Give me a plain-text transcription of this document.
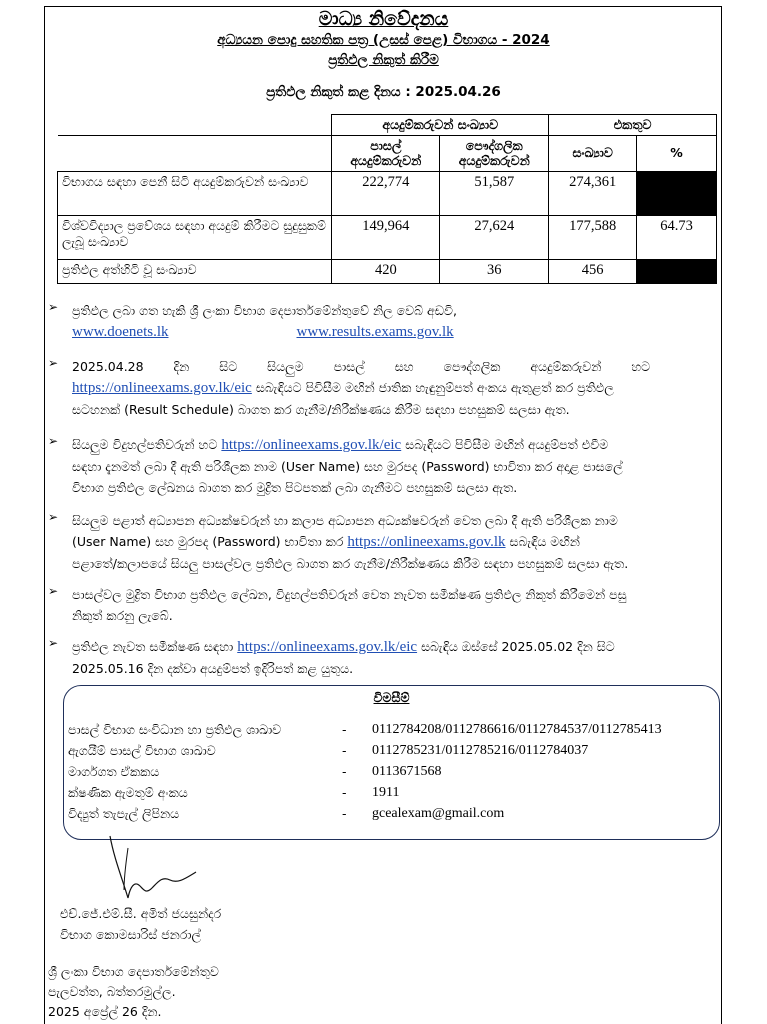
මාධ්‍ය නිවේදනය
අධ්‍යයන පොදු සහතික පත්‍ර (උසස් පෙළ) විභාගය - 2024
ප්‍රතිඵල නිකුත් කිරීම
ප්‍රතිඵල නිකුත් කළ දිනය : 2025.04.26
	අයදුම්කරුවන් සංඛ්‍යාව		එකතුව	
	පාසල් අයදුම්කරුවන්	පෞද්ගලික අයදුම්කරුවන්	සංඛ්‍යාව	%
විභාගය සඳහා පෙනී සිටි අයදුම්කරුවන් සංඛ්‍යාව	222,774	51,587	274,361	
විශ්වවිද්‍යාල ප්‍රවේශය සඳහා අයදුම් කිරීමට සුදුසුකම් ලැබූ සංඛ්‍යාව	149,964	27,624	177,588	64.73
ප්‍රතිඵල අත්හිටි වූ සංඛ්‍යාව	420	36	456	
➢ ප්‍රතිඵල ලබා ගත හැකි ශ්‍රී ලංකා විභාග දෙපාර්තමේන්තුවේ නිල වෙබ් අඩවි,
www.doenets.lk	www.results.exams.gov.lk
➢ 2025.04.28 දින සිට සියලුම පාසල් සහ පෞද්ගලික අයදුම්කරුවන් හට
https://onlineexams.gov.lk/eic සබැඳියට පිවිසීම මඟින් ජාතික හැඳුනුම්පත් අංකය ඇතුළත් කර ප්‍රතිඵල
සටහනක් (Result Schedule) බාගත කර ගැනීම/නිරීක්ෂණය කිරීම සඳහා පහසුකම් සලසා ඇත.
➢ සියලුම විදුහල්පතිවරුන් හට https://onlineexams.gov.lk/eic සබැඳියට පිවිසීම මඟින් අයදුම්පත් එවීම
සඳහා දැනමත් ලබා දී ඇති පරිශීලක නාම (User Name) සහ මුරපද (Password) භාවිතා කර අදාළ පාසලේ
විභාග ප්‍රතිඵල ලේඛනය බාගත කර මුද්‍රිත පිටපතක් ලබා ගැනීමට පහසුකම් සලසා ඇත.
➢ සියලුම පළාත් අධ්‍යාපන අධ්‍යක්ෂවරුන් හා කලාප අධ්‍යාපන අධ්‍යක්ෂවරුන් වෙත ලබා දී ඇති පරිශීලක නාම
(User Name) සහ මුරපද (Password) භාවිතා කර https://onlineexams.gov.lk සබැඳිය මඟින්
පළාතේ/කලාපයේ සියලු පාසල්වල ප්‍රතිඵල බාගත කර ගැනීම/නිරීක්ෂණය කිරීම සඳහා පහසුකම් සලසා ඇත.
➢ පාසල්වල මුද්‍රිත විභාග ප්‍රතිඵල ලේඛන, විදුහල්පතිවරුන් වෙත නැවත සමීක්ෂණ ප්‍රතිඵල නිකුත් කිරීමෙන් පසු
නිකුත් කරනු ලැබේ.
➢ ප්‍රතිඵල නැවත සමීක්ෂණ සඳහා https://onlineexams.gov.lk/eic සබැඳිය ඔස්සේ 2025.05.02 දින සිට
2025.05.16 දින දක්වා අයදුම්පත් ඉදිරිපත් කළ යුතුය.
විමසීම්
පාසල් විභාග සංවිධාන හා ප්‍රතිඵල ශාඛාව	- 0112784208/0112786616/0112784537/0112785413
ඇගයීම් පාසල් විභාග ශාඛාව	- 0112785231/0112785216/0112784037
මාර්ගගත ඒකකය	- 0113671568
ක්ෂණික ඇමතුම් අංකය	- 1911
විද්‍යුත් තැපැල් ලිපිනය	- gcealexam@gmail.com
එච්.ජේ.එම්.සී. අමිත් ජයසුන්දර
විභාග කොමසාරිස් ජනරාල්
ශ්‍රී ලංකා විභාග දෙපාර්තමේන්තුව
පැලවත්ත, බත්තරමුල්ල.
2025 අප්‍රේල් 26 දින.
